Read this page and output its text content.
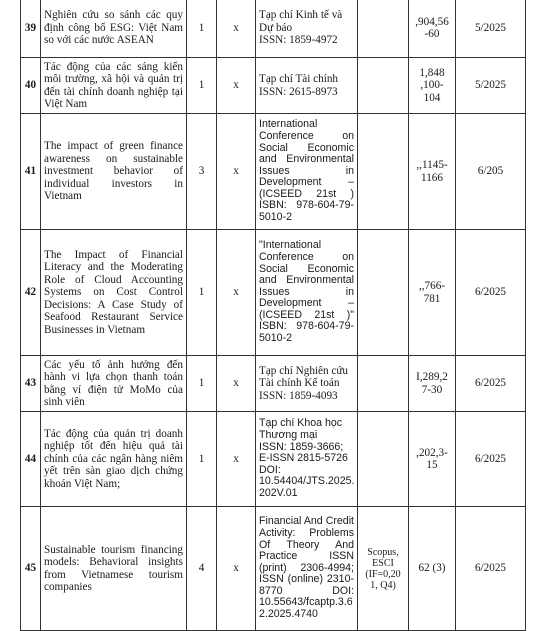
39	Nghiên cứu so sánh các quy định công bố ESG: Việt Nam so với các nước ASEAN	1	x	Tạp chí Kinh tế và Dự báo
ISSN: 1859-4972		,904,56
-60	5/2025
40	Tác động của các sáng kiến môi trường, xã hội và quản trị đến tài chính doanh nghiệp tại Việt Nam	1	x	Tạp chí Tài chính
ISSN: 2615-8973		1,848
,100-
104	5/2025
41	The impact of green finance awareness on sustainable investment behavior of individual investors in Vietnam	3	x	International Conference on Social Economic and Environmental Issues in Development – (ICSEED 21st ) ISBN: 978-604-79-5010-2		,,1145-
1166	6/205
42	The Impact of Financial Literacy and the Moderating Role of Cloud Accounting Systems on Cost Control Decisions: A Case Study of Seafood Restaurant Service Businesses in Vietnam	1	x	"International Conference on Social Economic and Environmental Issues in Development – (ICSEED 21st )" ISBN: 978-604-79-5010-2		,,766-
781	6/2025
43	Các yếu tố ảnh hưởng đến hành vi lựa chọn thanh toán bằng ví điện tử MoMo của sinh viên	1	x	Tạp chí Nghiên cứu Tài chính Kế toán
ISSN: 1859-4093		I,289,2
7-30	6/2025
44	Tác động của quản trị doanh nghiệp tốt đến hiệu quả tài chính của các ngân hàng niêm yết trên sàn giao dịch chứng khoán Việt Nam;	1	x	Tạp chí Khoa học Thương mại
ISSN: 1859-3666; E-ISSN 2815-5726
DOI:
10.54404/JTS.2025.
202V.01		,202,3-
15	6/2025
45	Sustainable tourism financing models: Behavioral insights from Vietnamese tourism companies	4	x	Financial And Credit Activity: Problems Of Theory And Practice ISSN (print) 2306-4994; ISSN (online) 2310-8770 DOI: 10.55643/fcaptp.3.6 2.2025.4740	Scopus,
ESCI
(IF=0,20
1, Q4)	62 (3)	6/2025
